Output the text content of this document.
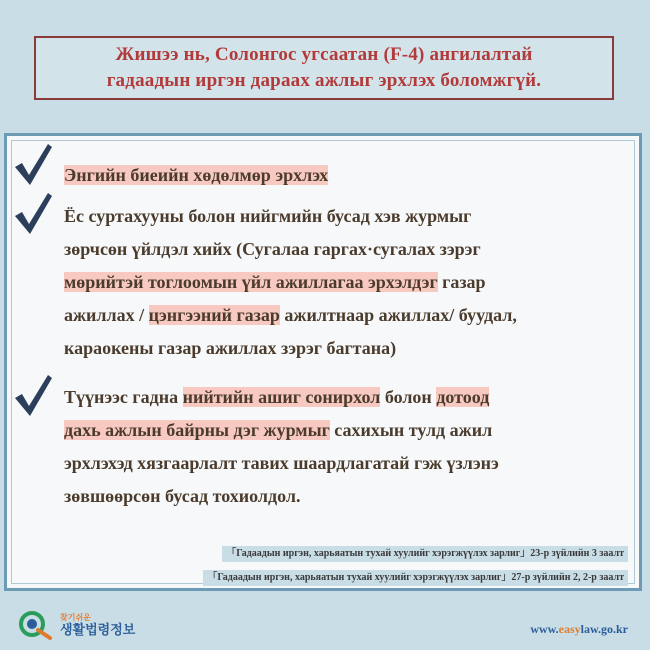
Жишээ нь, Солонгос угсаатан (F-4) ангилалтай
гадаадын иргэн дараах ажлыг эрхлэх боломжгүй.
Энгийн биеийн хөдөлмөр эрхлэх
Ёс суртахууны болон нийгмийн бусад хэв журмыг
зөрчсөн үйлдэл хийх (Сугалаа гаргах·сугалах зэрэг
мөрийтэй тоглоомын үйл ажиллагаа эрхэлдэг газар
ажиллах / цэнгээний газар ажилтнаар ажиллах/ буудал,
караокены газар ажиллах зэрэг багтана)
Түүнээс гадна нийтийн ашиг сонирхол болон дотоод
дахь ажлын байрны дэг журмыг сахихын тулд ажил
эрхлэхэд хязгаарлалт тавих шаардлагатай гэж үзлэнэ
зөвшөөрсөн бусад тохиолдол.
「Гадаадын иргэн, харьяатын тухай хуулийг хэрэгжүүлэх зарлиг」23-р зүйлийн 3 заалт
「Гадаадын иргэн, харьяатын тухай хуулийг хэрэгжүүлэх зарлиг」27-р зүйлийн 2, 2-р заалт
찾기쉬운
생활법령정보	www.easylaw.go.kr
